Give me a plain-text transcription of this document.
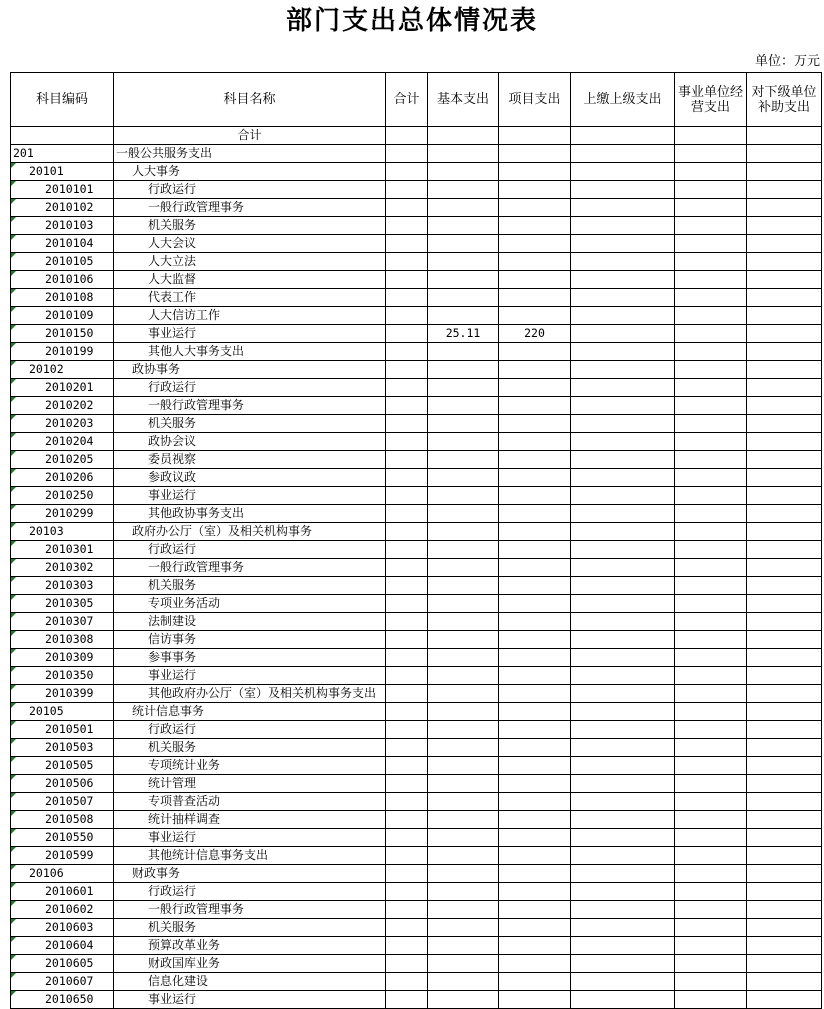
部门支出总体情况表
单位：万元
科目编码	科目名称	合计	基本支出	项目支出	上缴上级支出	事业单位经营支出	对下级单位补助支出
	合计						
201	一般公共服务支出						
20101	人大事务						
2010101	行政运行						
2010102	一般行政管理事务						
2010103	机关服务						
2010104	人大会议						
2010105	人大立法						
2010106	人大监督						
2010108	代表工作						
2010109	人大信访工作						
2010150	事业运行		25.11	220			
2010199	其他人大事务支出						
20102	政协事务						
2010201	行政运行						
2010202	一般行政管理事务						
2010203	机关服务						
2010204	政协会议						
2010205	委员视察						
2010206	参政议政						
2010250	事业运行						
2010299	其他政协事务支出						
20103	政府办公厅（室）及相关机构事务						
2010301	行政运行						
2010302	一般行政管理事务						
2010303	机关服务						
2010305	专项业务活动						
2010307	法制建设						
2010308	信访事务						
2010309	参事事务						
2010350	事业运行						
2010399	其他政府办公厅（室）及相关机构事务支出						
20105	统计信息事务						
2010501	行政运行						
2010503	机关服务						
2010505	专项统计业务						
2010506	统计管理						
2010507	专项普查活动						
2010508	统计抽样调查						
2010550	事业运行						
2010599	其他统计信息事务支出						
20106	财政事务						
2010601	行政运行						
2010602	一般行政管理事务						
2010603	机关服务						
2010604	预算改革业务						
2010605	财政国库业务						
2010607	信息化建设						
2010650	事业运行						
